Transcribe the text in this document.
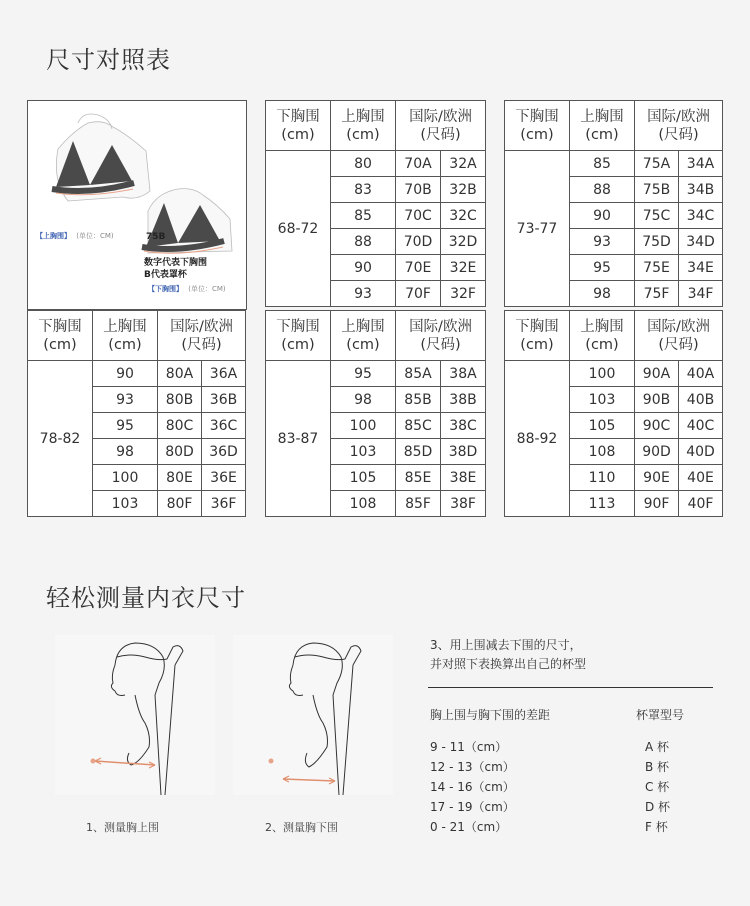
尺寸对照表
轻松测量内衣尺寸
【上胸围】 (单位：CM)	75B
数字代表下胸围
B代表罩杯
【下胸围】 (单位：CM)
下胸围
(cm)	上胸围
(cm)	国际/欧洲
(尺码)	
68-72	80	70A	32A
	83	70B	32B
	85	70C	32C
	88	70D	32D
	90	70E	32E
	93	70F	32F
下胸围
(cm)	上胸围
(cm)	国际/欧洲
(尺码)	
73-77	85	75A	34A
	88	75B	34B
	90	75C	34C
	93	75D	34D
	95	75E	34E
	98	75F	34F
下胸围
(cm)	上胸围
(cm)	国际/欧洲
(尺码)	
78-82	90	80A	36A
	93	80B	36B
	95	80C	36C
	98	80D	36D
	100	80E	36E
	103	80F	36F
下胸围
(cm)	上胸围
(cm)	国际/欧洲
(尺码)	
83-87	95	85A	38A
	98	85B	38B
	100	85C	38C
	103	85D	38D
	105	85E	38E
	108	85F	38F
下胸围
(cm)	上胸围
(cm)	国际/欧洲
(尺码)	
88-92	100	90A	40A
	103	90B	40B
	105	90C	40C
	108	90D	40D
	110	90E	40E
	113	90F	40F
1、测量胸上围	2、测量胸下围
3、用上围减去下围的尺寸，
并对照下表换算出自己的杯型
胸上围与胸下围的差距	杯罩型号
9 - 11（cm）	A 杯
12 - 13（cm）	B 杯
14 - 16（cm）	C 杯
17 - 19（cm）	D 杯
0 - 21（cm）	F 杯
